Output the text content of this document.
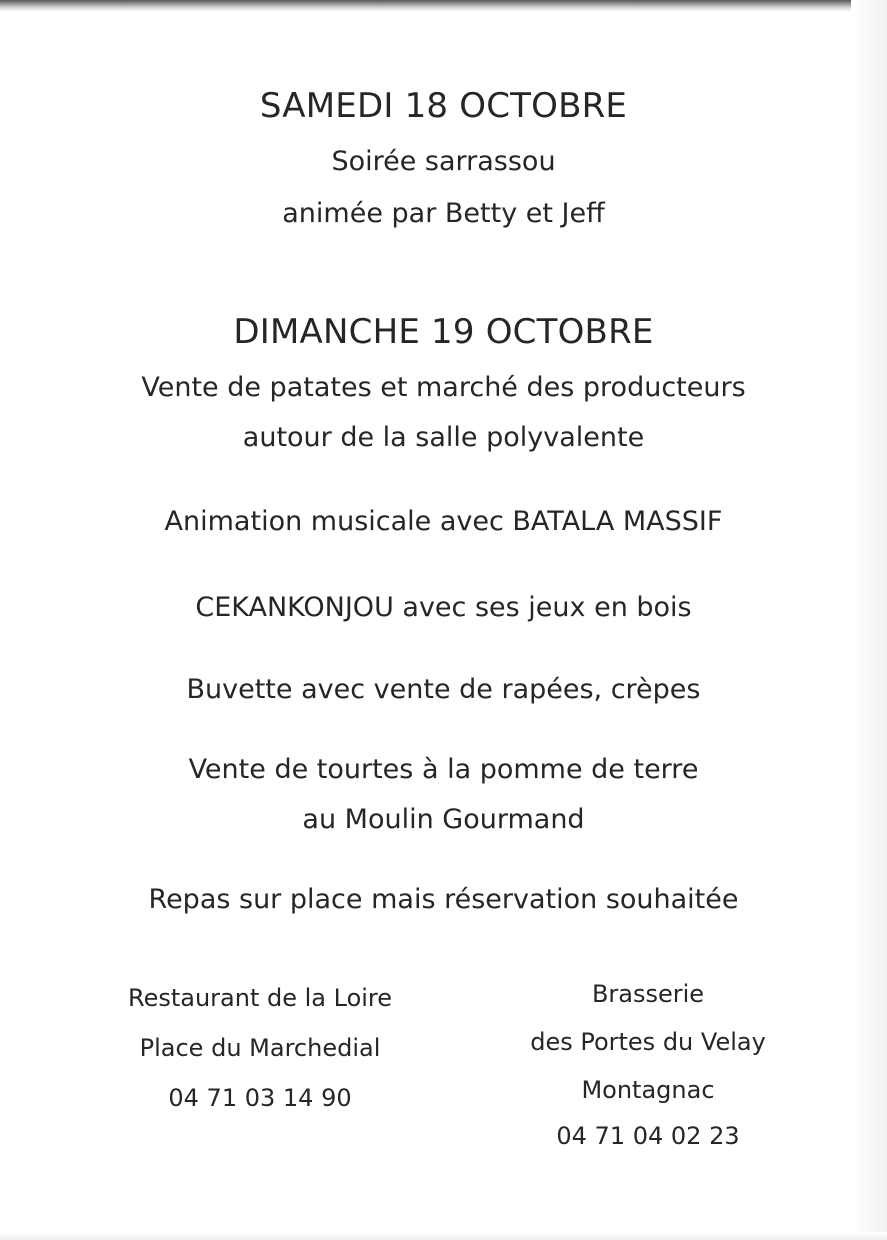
SAMEDI 18 OCTOBRE

Soirée sarrassou

animée par Betty et Jeff

DIMANCHE 19 OCTOBRE

Vente de patates et marché des producteurs

autour de la salle polyvalente

Animation musicale avec BATALA MASSIF

CEKANKONJOU avec ses jeux en bois

Buvette avec vente de rapées, crèpes

Vente de tourtes à la pomme de terre

au Moulin Gourmand

Repas sur place mais réservation souhaitée

Restaurant de la Loire

Place du Marchedial

04 71 03 14 90

Brasserie

des Portes du Velay

Montagnac

04 71 04 02 23
